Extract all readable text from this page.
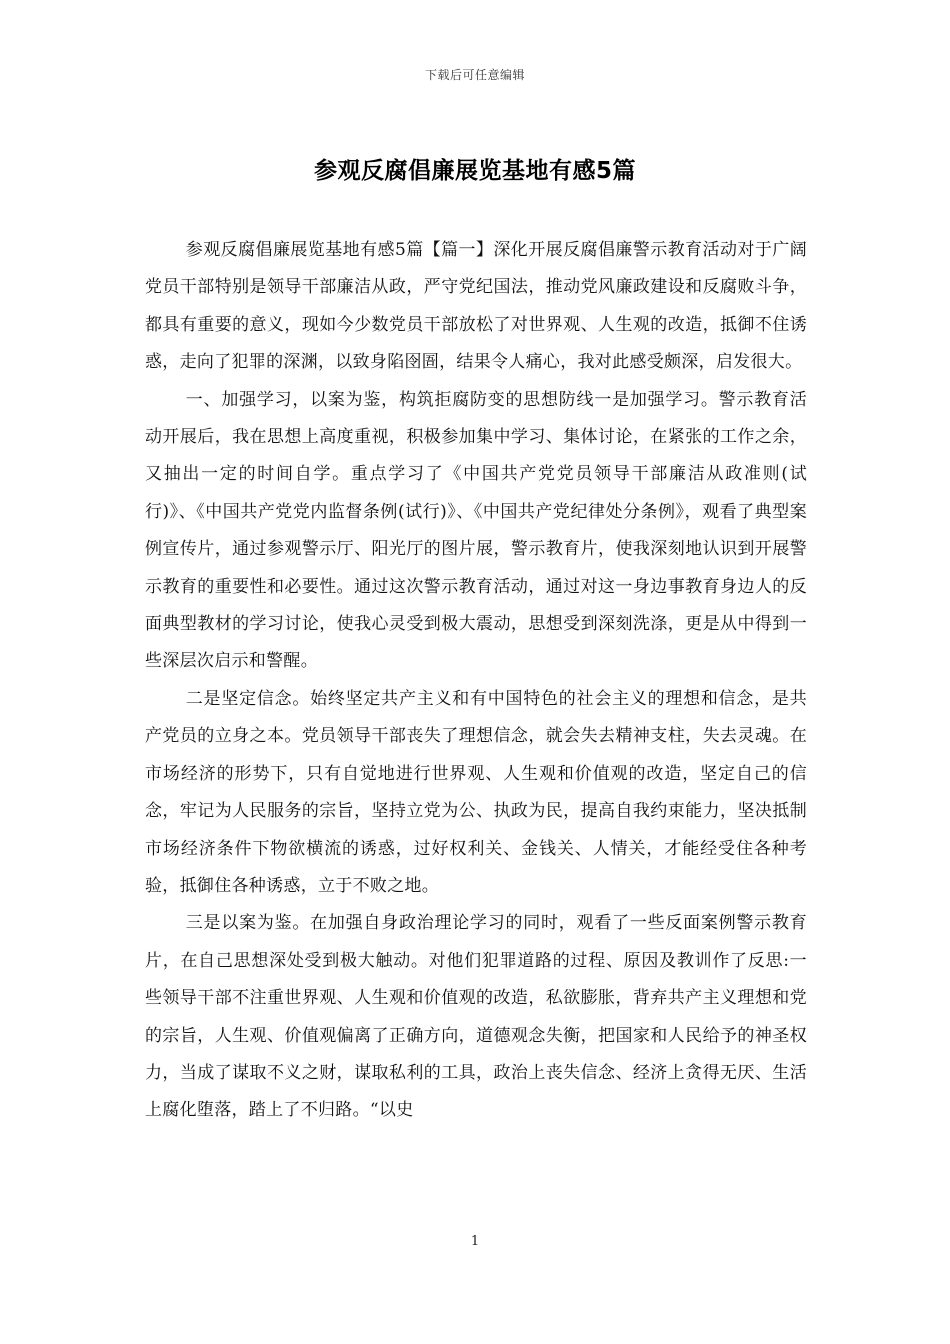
下载后可任意编辑
参观反腐倡廉展览基地有感5篇

参观反腐倡廉展览基地有感5篇【篇一】深化开展反腐倡廉警示教育活动对于广阔党员干部特别是领导干部廉洁从政，严守党纪国法，推动党风廉政建设和反腐败斗争，都具有重要的意义，现如今少数党员干部放松了对世界观、人生观的改造，抵御不住诱惑，走向了犯罪的深渊，以致身陷囹圄，结果令人痛心，我对此感受颇深，启发很大。

一、加强学习，以案为鉴，构筑拒腐防变的思想防线一是加强学习。警示教育活动开展后，我在思想上高度重视，积极参加集中学习、集体讨论，在紧张的工作之余，又抽出一定的时间自学。重点学习了《中国共产党党员领导干部廉洁从政准则(试行)》、《中国共产党党内监督条例(试行)》、《中国共产党纪律处分条例》，观看了典型案例宣传片，通过参观警示厅、阳光厅的图片展，警示教育片，使我深刻地认识到开展警示教育的重要性和必要性。通过这次警示教育活动，通过对这一身边事教育身边人的反面典型教材的学习讨论，使我心灵受到极大震动，思想受到深刻洗涤，更是从中得到一些深层次启示和警醒。

二是坚定信念。始终坚定共产主义和有中国特色的社会主义的理想和信念，是共产党员的立身之本。党员领导干部丧失了理想信念，就会失去精神支柱，失去灵魂。在市场经济的形势下，只有自觉地进行世界观、人生观和价值观的改造，坚定自己的信念，牢记为人民服务的宗旨，坚持立党为公、执政为民，提高自我约束能力，坚决抵制市场经济条件下物欲横流的诱惑，过好权利关、金钱关、人情关，才能经受住各种考验，抵御住各种诱惑，立于不败之地。

三是以案为鉴。在加强自身政治理论学习的同时，观看了一些反面案例警示教育片，在自己思想深处受到极大触动。对他们犯罪道路的过程、原因及教训作了反思:一些领导干部不注重世界观、人生观和价值观的改造，私欲膨胀，背弃共产主义理想和党的宗旨，人生观、价值观偏离了正确方向，道德观念失衡，把国家和人民给予的神圣权力，当成了谋取不义之财，谋取私利的工具，政治上丧失信念、经济上贪得无厌、生活上腐化堕落，踏上了不归路。“以史

1
